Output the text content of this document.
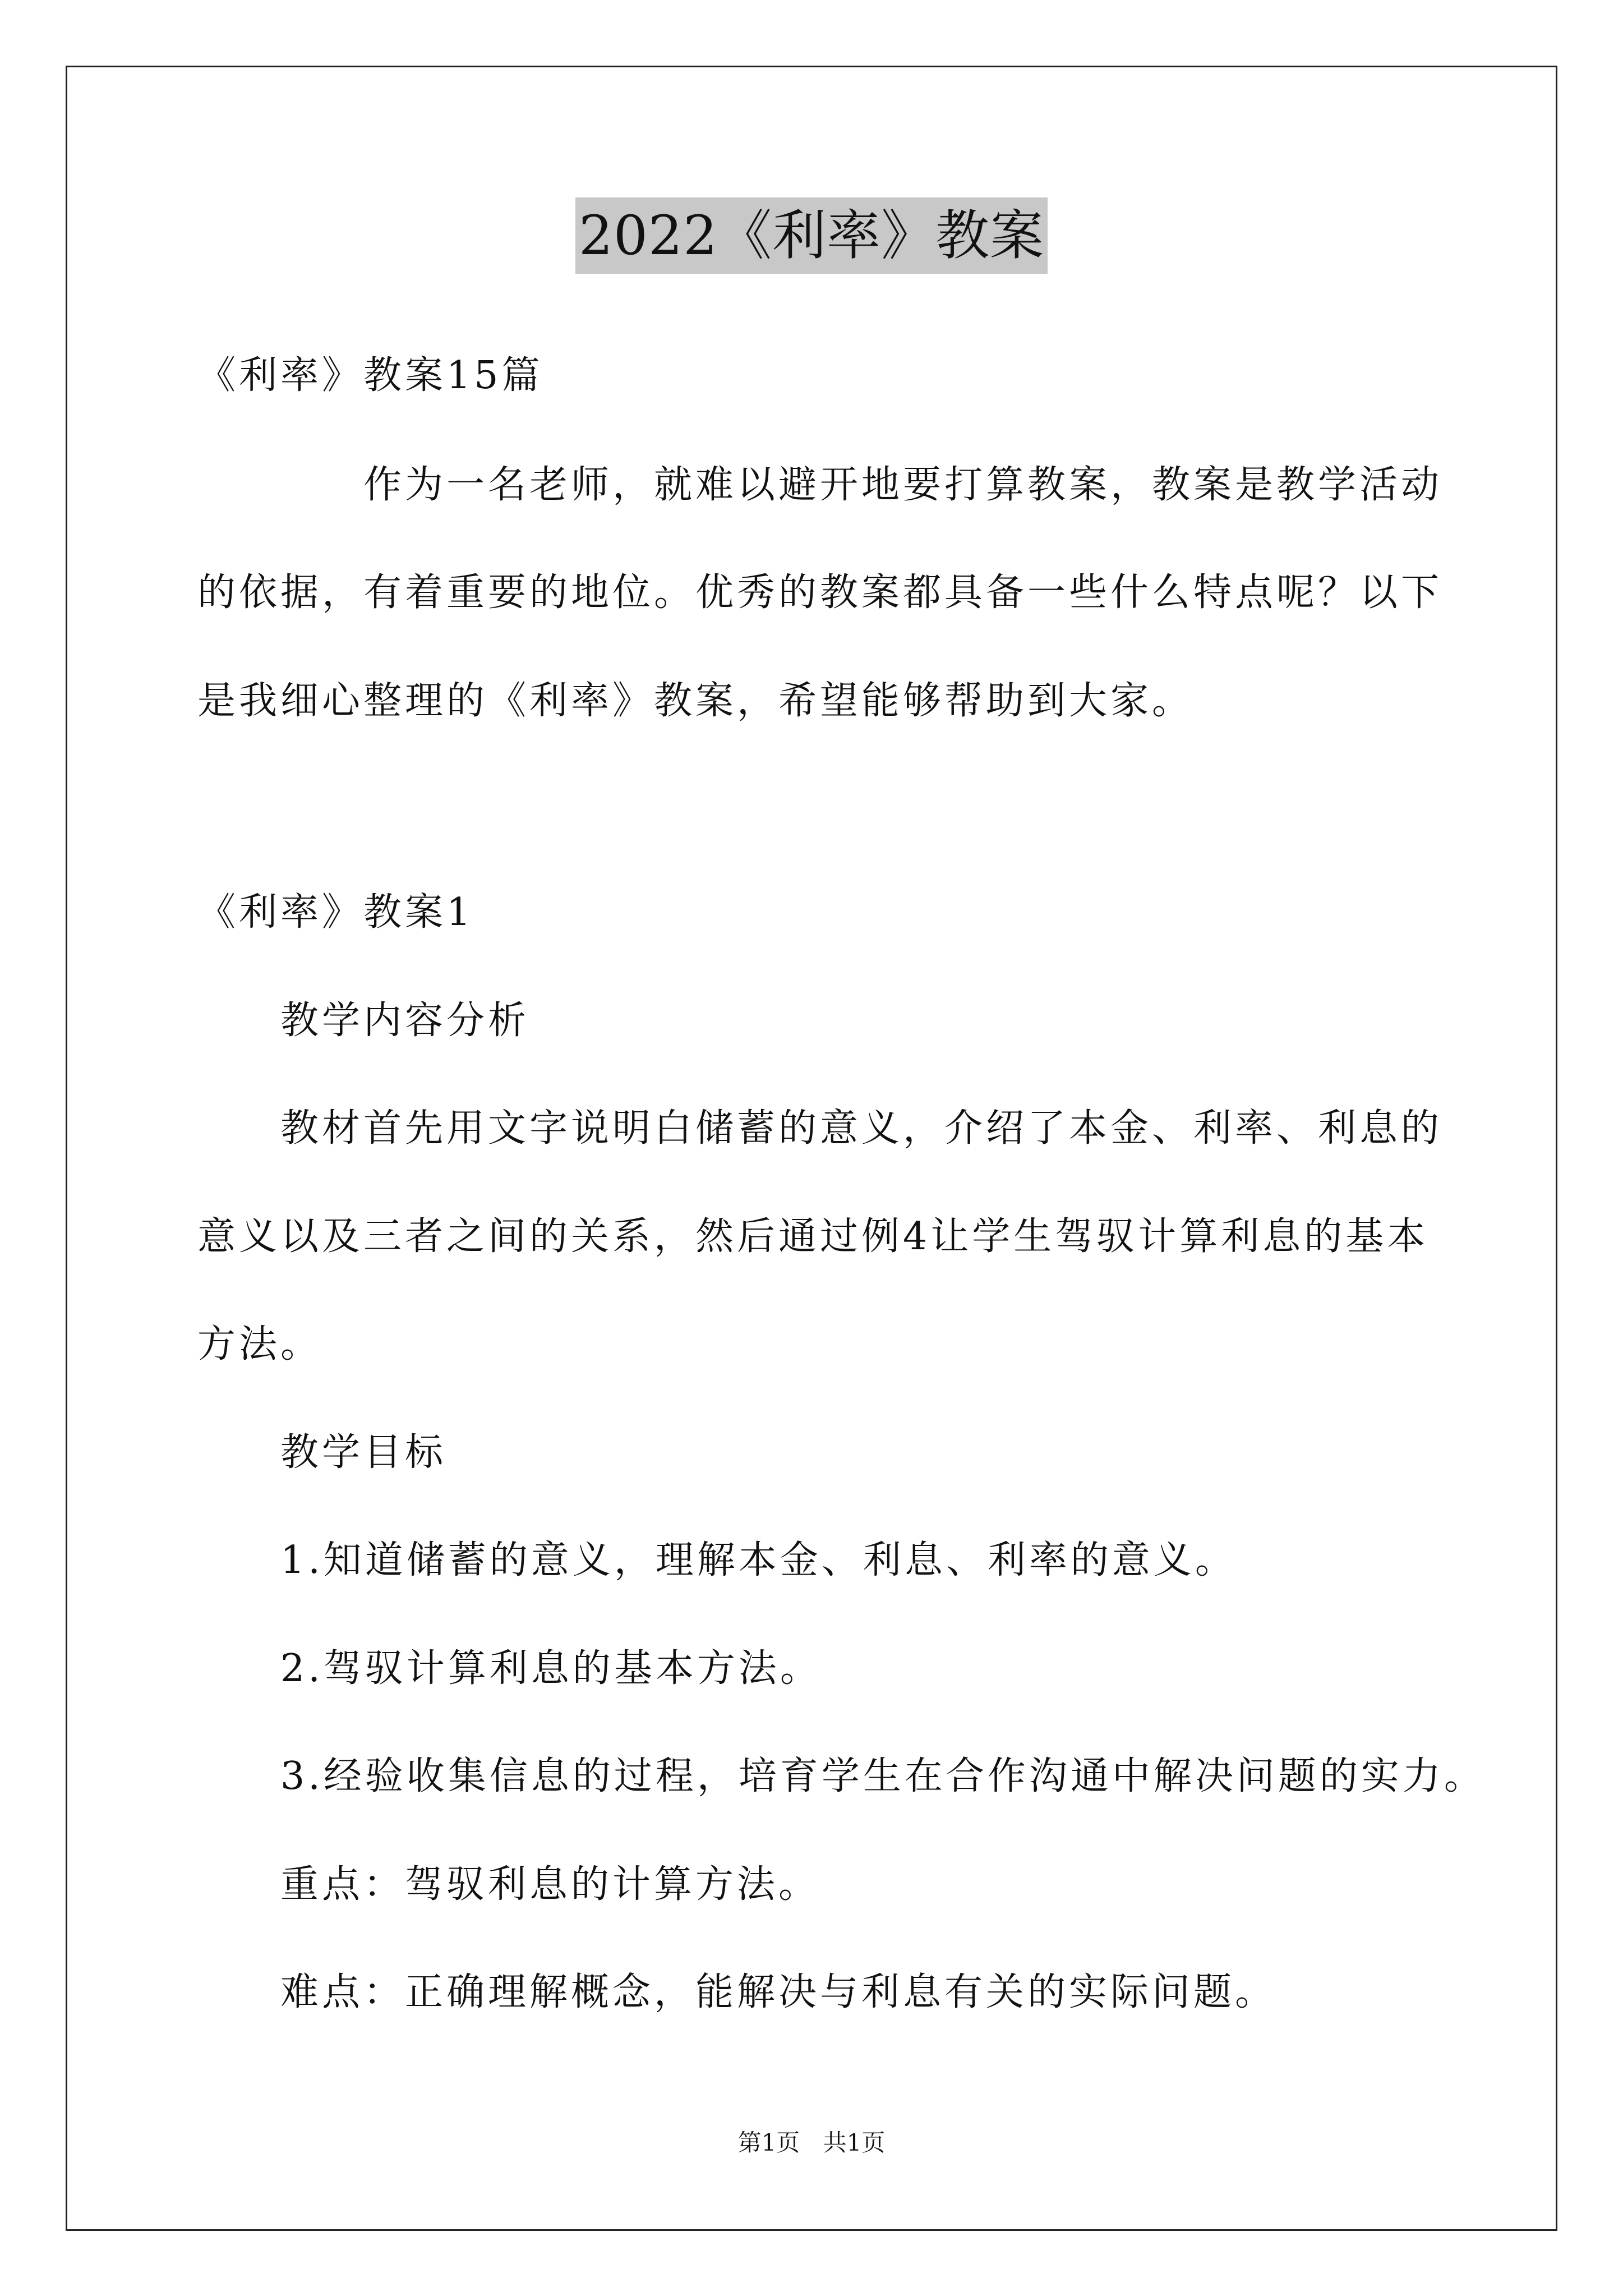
2022《利率》教案
《利率》教案15篇
作为一名老师，就难以避开地要打算教案，教案是教学活动
的依据，有着重要的地位。优秀的教案都具备一些什么特点呢？以下
是我细心整理的《利率》教案，希望能够帮助到大家。
《利率》教案1
教学内容分析
教材首先用文字说明白储蓄的意义，介绍了本金、利率、利息的
意义以及三者之间的关系，然后通过例4让学生驾驭计算利息的基本
方法。
教学目标
1.知道储蓄的意义，理解本金、利息、利率的意义。
2.驾驭计算利息的基本方法。
3.经验收集信息的过程，培育学生在合作沟通中解决问题的实力。
重点：驾驭利息的计算方法。
难点：正确理解概念，能解决与利息有关的实际问题。
第1页 共1页
